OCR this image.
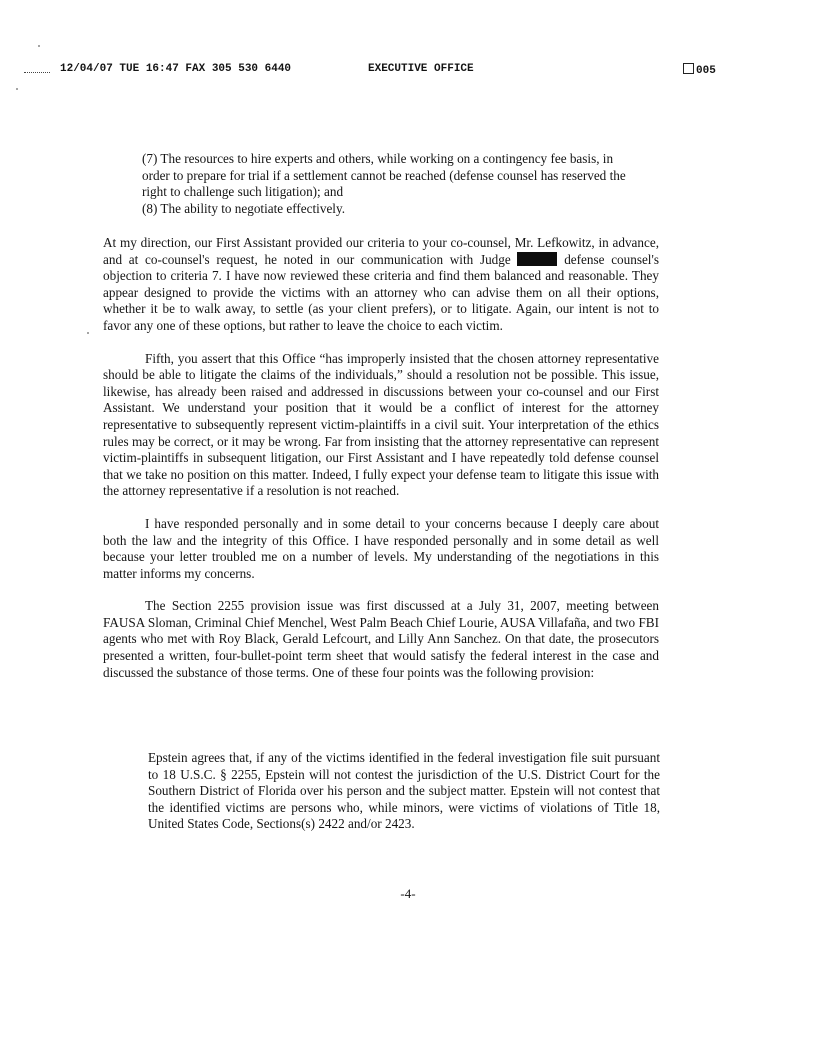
12/04/07 TUE 16:47 FAX 305 530 6440	EXECUTIVE OFFICE	005

(7) The resources to hire experts and others, while working on a contingency fee basis, in order to prepare for trial if a settlement cannot be reached (defense counsel has reserved the right to challenge such litigation); and

(8) The ability to negotiate effectively.

At my direction, our First Assistant provided our criteria to your co-counsel, Mr. Lefkowitz, in advance, and at co-counsel's request, he noted in our communication with Judge	defense counsel's objection to criteria 7. I have now reviewed these criteria and find them balanced and reasonable. They appear designed to provide the victims with an attorney who can advise them on all their options, whether it be to walk away, to settle (as your client prefers), or to litigate. Again, our intent is not to favor any one of these options, but rather to leave the choice to each victim.

Fifth, you assert that this Office “has improperly insisted that the chosen attorney representative should be able to litigate the claims of the individuals,” should a resolution not be possible. This issue, likewise, has already been raised and addressed in discussions between your co-counsel and our First Assistant. We understand your position that it would be a conflict of interest for the attorney representative to subsequently represent victim-plaintiffs in a civil suit. Your interpretation of the ethics rules may be correct, or it may be wrong. Far from insisting that the attorney representative can represent victim-plaintiffs in subsequent litigation, our First Assistant and I have repeatedly told defense counsel that we take no position on this matter. Indeed, I fully expect your defense team to litigate this issue with the attorney representative if a resolution is not reached.

I have responded personally and in some detail to your concerns because I deeply care about both the law and the integrity of this Office. I have responded personally and in some detail as well because your letter troubled me on a number of levels. My understanding of the negotiations in this matter informs my concerns.

The Section 2255 provision issue was first discussed at a July 31, 2007, meeting between FAUSA Sloman, Criminal Chief Menchel, West Palm Beach Chief Lourie, AUSA Villafaña, and two FBI agents who met with Roy Black, Gerald Lefcourt, and Lilly Ann Sanchez. On that date, the prosecutors presented a written, four-bullet-point term sheet that would satisfy the federal interest in the case and discussed the substance of those terms. One of these four points was the following provision:

Epstein agrees that, if any of the victims identified in the federal investigation file suit pursuant to 18 U.S.C. § 2255, Epstein will not contest the jurisdiction of the U.S. District Court for the Southern District of Florida over his person and the subject matter. Epstein will not contest that the identified victims are persons who, while minors, were victims of violations of Title 18, United States Code, Sections(s) 2422 and/or 2423.
-4-
